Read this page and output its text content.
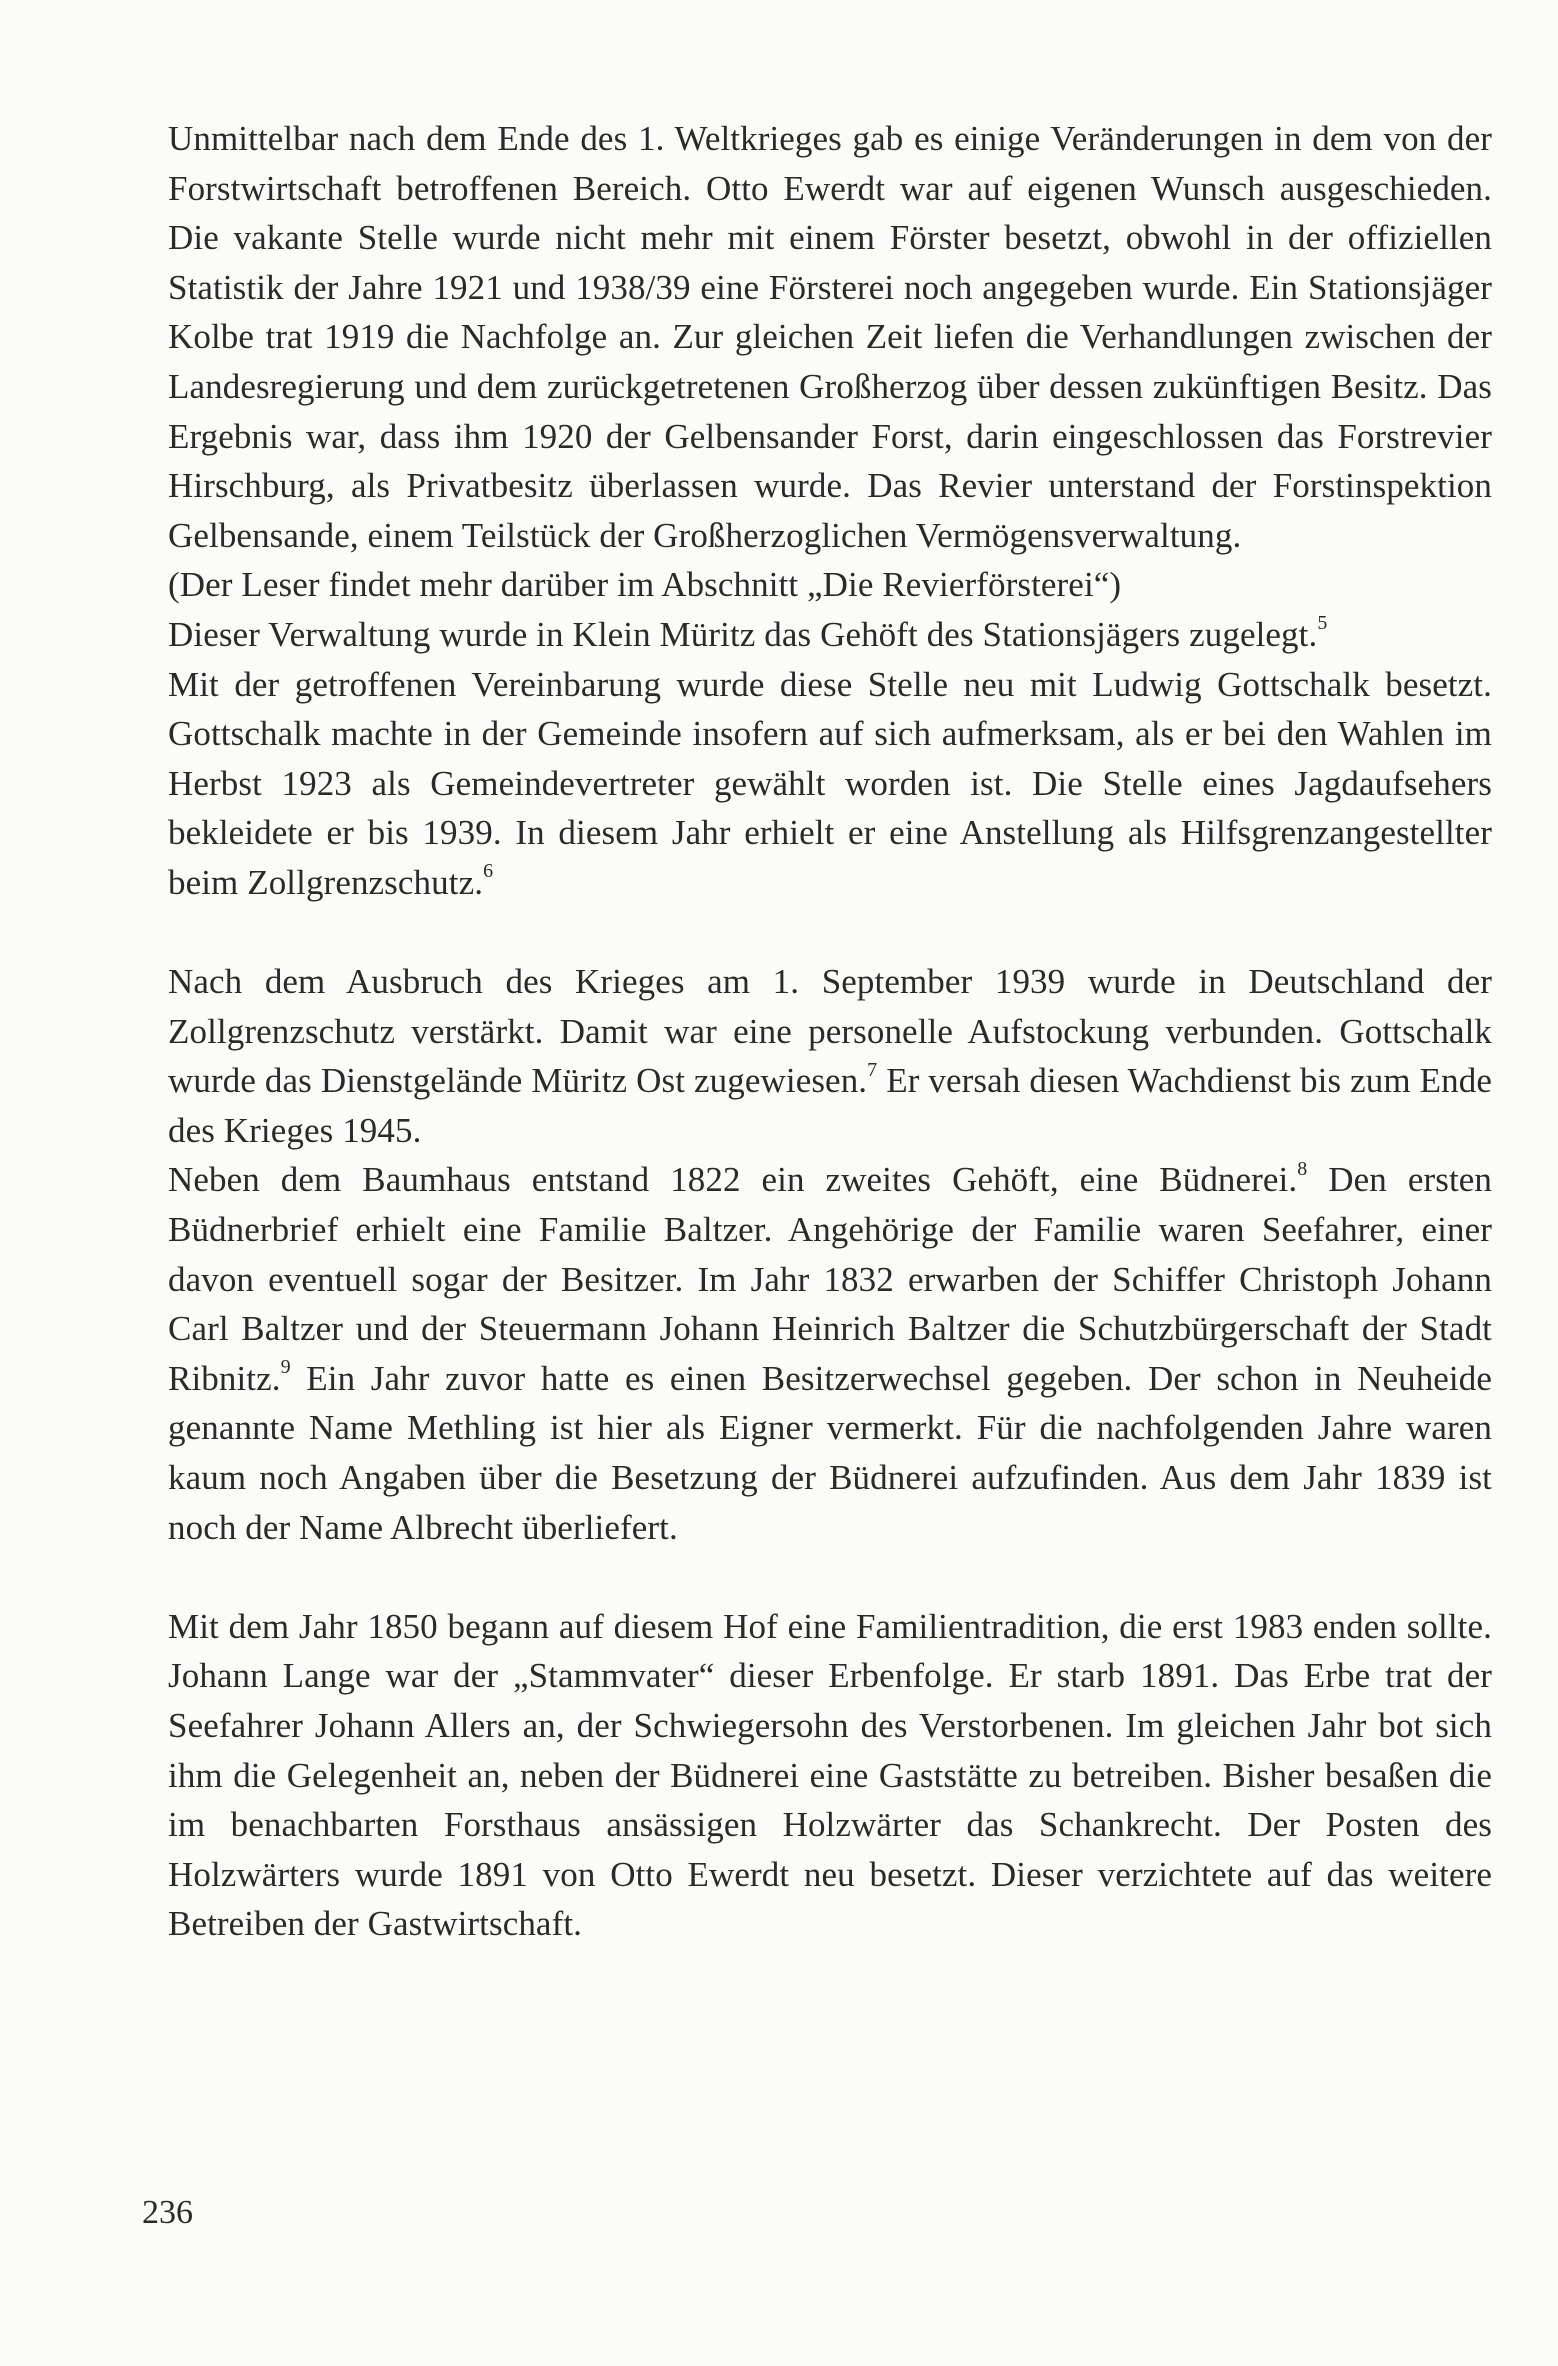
Unmittelbar nach dem Ende des 1. Weltkrieges gab es einige Veränderungen in dem von der Forstwirtschaft betroffenen Bereich. Otto Ewerdt war auf eigenen Wunsch ausgeschieden. Die vakante Stelle wurde nicht mehr mit einem Förster besetzt, obwohl in der offiziellen Statistik der Jahre 1921 und 1938/39 eine Försterei noch angegeben wurde. Ein Stationsjäger Kolbe trat 1919 die Nachfolge an. Zur gleichen Zeit liefen die Verhandlungen zwischen der Landesregierung und dem zurückgetretenen Großherzog über dessen zukünftigen Besitz. Das Ergebnis war, dass ihm 1920 der Gelbensander Forst, darin eingeschlossen das Forstrevier Hirschburg, als Privatbesitz überlassen wurde. Das Revier unterstand der Forstinspektion Gelbensande, einem Teilstück der Großherzoglichen Vermögensverwaltung.

(Der Leser findet mehr darüber im Abschnitt „Die Revierförsterei“)

Dieser Verwaltung wurde in Klein Müritz das Gehöft des Stationsjägers zugelegt.$^5$

Mit der getroffenen Vereinbarung wurde diese Stelle neu mit Ludwig Gottschalk besetzt. Gottschalk machte in der Gemeinde insofern auf sich aufmerksam, als er bei den Wahlen im Herbst 1923 als Gemeindevertreter gewählt worden ist. Die Stelle eines Jagdaufsehers bekleidete er bis 1939. In diesem Jahr erhielt er eine Anstellung als Hilfsgrenzangestellter beim Zollgrenzschutz.$^6$

Nach dem Ausbruch des Krieges am 1. September 1939 wurde in Deutschland der Zollgrenzschutz verstärkt. Damit war eine personelle Aufstockung verbunden. Gottschalk wurde das Dienstgelände Müritz Ost zugewiesen.$^7$ Er versah diesen Wachdienst bis zum Ende des Krieges 1945.

Neben dem Baumhaus entstand 1822 ein zweites Gehöft, eine Büdnerei.$^8$ Den ersten Büdnerbrief erhielt eine Familie Baltzer. Angehörige der Familie waren Seefahrer, einer davon eventuell sogar der Besitzer. Im Jahr 1832 erwarben der Schiffer Christoph Johann Carl Baltzer und der Steuermann Johann Heinrich Baltzer die Schutzbürgerschaft der Stadt Ribnitz.$^9$ Ein Jahr zuvor hatte es einen Besitzerwechsel gegeben. Der schon in Neuheide genannte Name Methling ist hier als Eigner vermerkt. Für die nachfolgenden Jahre waren kaum noch Angaben über die Besetzung der Büdnerei aufzufinden. Aus dem Jahr 1839 ist noch der Name Albrecht überliefert.

Mit dem Jahr 1850 begann auf diesem Hof eine Familientradition, die erst 1983 enden sollte. Johann Lange war der „Stammvater“ dieser Erbenfolge. Er starb 1891. Das Erbe trat der Seefahrer Johann Allers an, der Schwiegersohn des Verstorbenen. Im gleichen Jahr bot sich ihm die Gelegenheit an, neben der Büdnerei eine Gaststätte zu betreiben. Bisher besaßen die im benachbarten Forsthaus ansässigen Holzwärter das Schankrecht. Der Posten des Holzwärters wurde 1891 von Otto Ewerdt neu besetzt. Dieser verzichtete auf das weitere Betreiben der Gastwirtschaft.

236
